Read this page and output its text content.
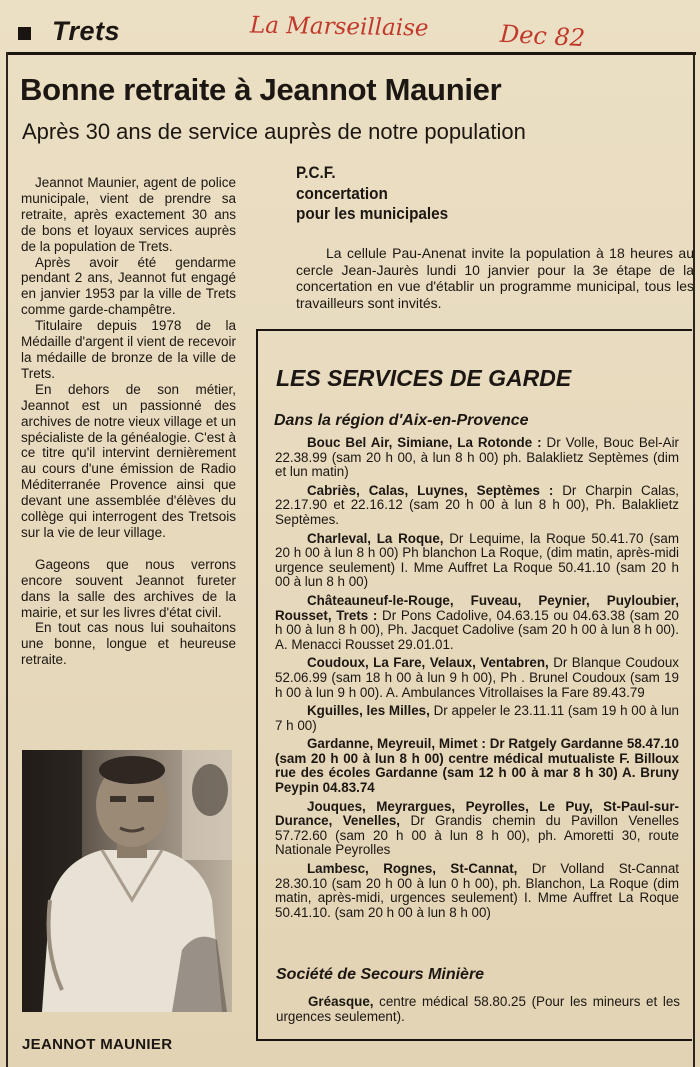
Trets	La Marseillaise	Dec 82
Bonne retraite à Jeannot Maunier
Après 30 ans de service auprès de notre population

Jeannot Maunier, agent de police municipale, vient de prendre sa retraite, après exactement 30 ans de bons et loyaux services auprès de la population de Trets.

Après avoir été gendarme pendant 2 ans, Jeannot fut engagé en janvier 1953 par la ville de Trets comme garde-champêtre.

Titulaire depuis 1978 de la Médaille d'argent il vient de recevoir la médaille de bronze de la ville de Trets.

En dehors de son métier, Jeannot est un passionné des archives de notre vieux village et un spécialiste de la généalogie. C'est à ce titre qu'il intervint dernièrement au cours d'une émission de Radio Méditerranée Provence ainsi que devant une assemblée d'élèves du collège qui interrogent des Tretsois sur la vie de leur village.

Gageons que nous verrons encore souvent Jeannot fureter dans la salle des archives de la mairie, et sur les livres d'état civil.

En tout cas nous lui souhaitons une bonne, longue et heureuse retraite.

JEANNOT MAUNIER
P.C.F.
concertation
pour les municipales

La cellule Pau-Anenat invite la population à 18 heures au cercle Jean-Jaurès lundi 10 janvier pour la 3e étape de la concertation en vue d'établir un programme municipal, tous les travailleurs sont invités.

LES SERVICES DE GARDE
Dans la région d'Aix-en-Provence

Bouc Bel Air, Simiane, La Rotonde : Dr Volle, Bouc Bel-Air 22.38.99 (sam 20 h 00, à lun 8 h 00) ph. Balaklietz Septèmes (dim et lun matin)

Cabriès, Calas, Luynes, Septèmes : Dr Charpin Calas, 22.17.90 et 22.16.12 (sam 20 h 00 à lun 8 h 00), Ph. Balaklietz Septèmes.

Charleval, La Roque, Dr Lequime, la Roque 50.41.70 (sam 20 h 00 à lun 8 h 00) Ph blanchon La Roque, (dim matin, après-midi urgence seulement) I. Mme Auffret La Roque 50.41.10 (sam 20 h 00 à lun 8 h 00)

Châteauneuf-le-Rouge, Fuveau, Peynier, Puyloubier, Rousset, Trets : Dr Pons Cadolive, 04.63.15 ou 04.63.38 (sam 20 h 00 à lun 8 h 00), Ph. Jacquet Cadolive (sam 20 h 00 à lun 8 h 00). A. Menacci Rousset 29.01.01.

Coudoux, La Fare, Velaux, Ventabren, Dr Blanque Coudoux 52.06.99 (sam 18 h 00 à lun 9 h 00), Ph . Brunel Coudoux (sam 19 h 00 à lun 9 h 00). A. Ambulances Vitrollaises la Fare 89.43.79

Kguilles, les Milles, Dr appeler le 23.11.11 (sam 19 h 00 à lun 7 h 00)

Gardanne, Meyreuil, Mimet : Dr Ratgely Gardanne 58.47.10 (sam 20 h 00 à lun 8 h 00) centre médical mutualiste F. Billoux rue des écoles Gardanne (sam 12 h 00 à mar 8 h 30) A. Bruny Peypin 04.83.74

Jouques, Meyrargues, Peyrolles, Le Puy, St-Paul-sur-Durance, Venelles, Dr Grandis chemin du Pavillon Venelles 57.72.60 (sam 20 h 00 à lun 8 h 00), ph. Amoretti 30, route Nationale Peyrolles

Lambesc, Rognes, St-Cannat, Dr Volland St-Cannat 28.30.10 (sam 20 h 00 à lun 0 h 00), ph. Blanchon, La Roque (dim matin, après-midi, urgences seulement) I. Mme Auffret La Roque 50.41.10. (sam 20 h 00 à lun 8 h 00)

Société de Secours Minière
Gréasque, centre médical 58.80.25 (Pour les mineurs et les urgences seulement).
